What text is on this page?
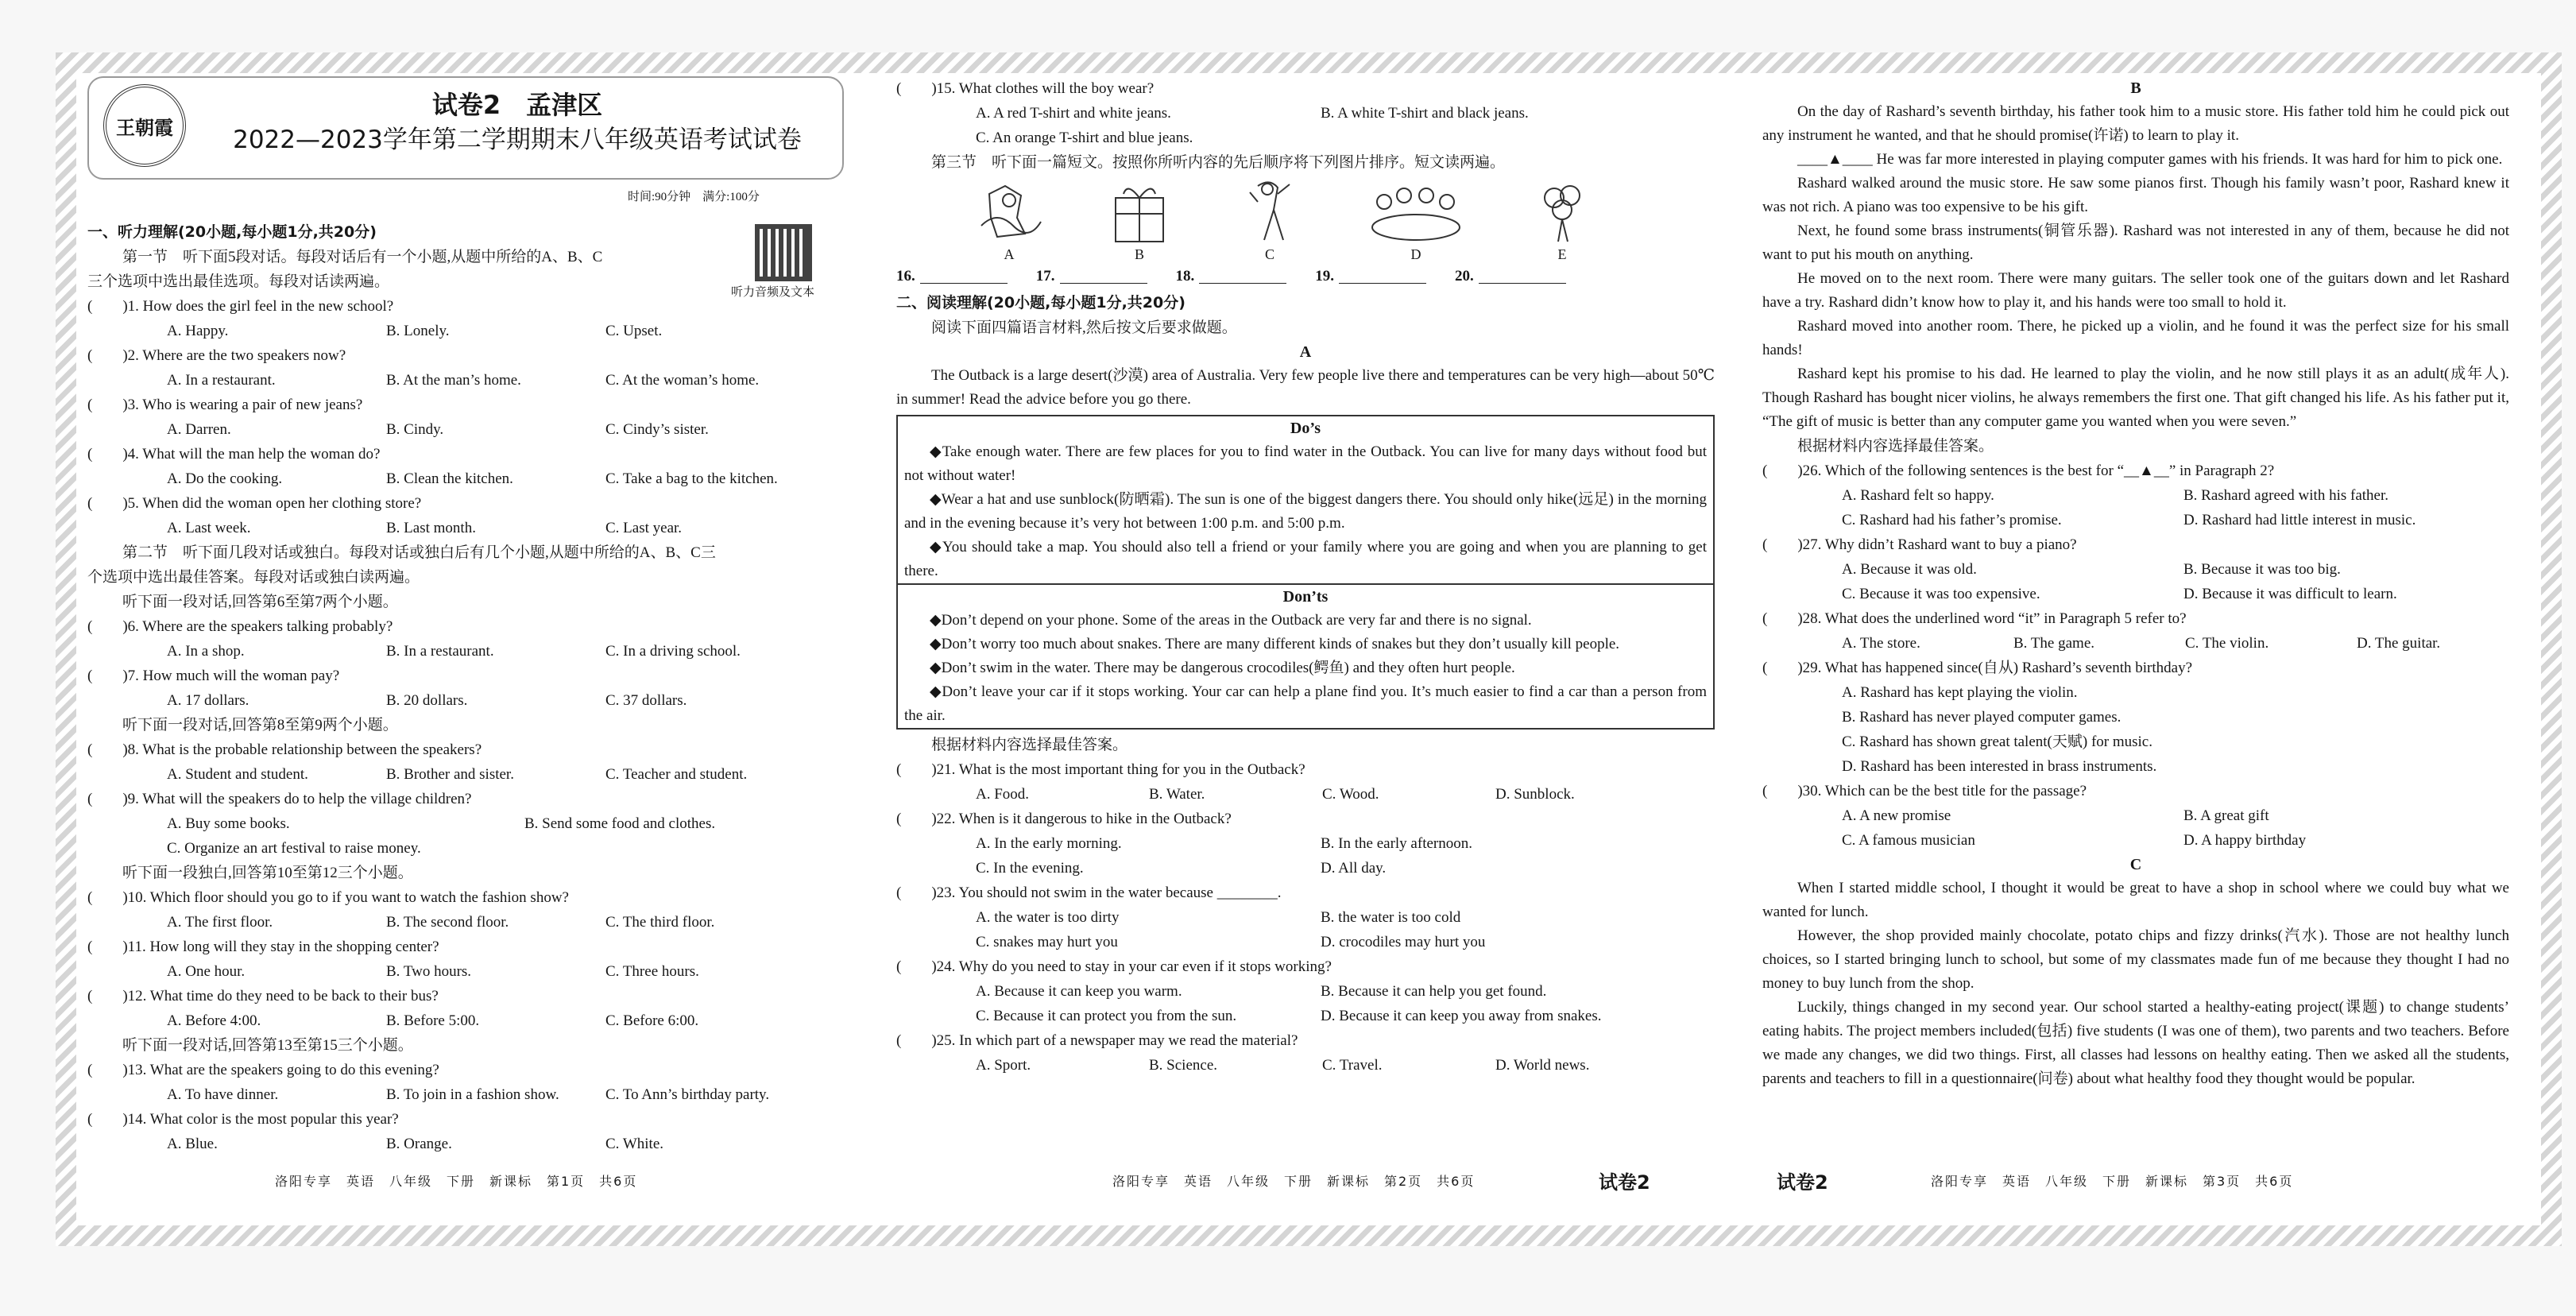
王朝霞
试卷2　孟津区
2022—2023学年第二学期期末八年级英语考试试卷
时间:90分钟　满分:100分
听力音频及文本
一、听力理解(20小题,每小题1分,共20分)
第一节　听下面5段对话。每段对话后有一个小题,从题中所给的A、B、C
三个选项中选出最佳选项。每段对话读两遍。
(　　)1. How does the girl feel in the new school?
A. Happy.	B. Lonely.	C. Upset.
(　　)2. Where are the two speakers now?
A. In a restaurant.	B. At the man’s home.	C. At the woman’s home.
(　　)3. Who is wearing a pair of new jeans?
A. Darren.	B. Cindy.	C. Cindy’s sister.
(　　)4. What will the man help the woman do?
A. Do the cooking.	B. Clean the kitchen.	C. Take a bag to the kitchen.
(　　)5. When did the woman open her clothing store?
A. Last week.	B. Last month.	C. Last year.
第二节　听下面几段对话或独白。每段对话或独白后有几个小题,从题中所给的A、B、C三
个选项中选出最佳答案。每段对话或独白读两遍。
听下面一段对话,回答第6至第7两个小题。
(　　)6. Where are the speakers talking probably?
A. In a shop.	B. In a restaurant.	C. In a driving school.
(　　)7. How much will the woman pay?
A. 17 dollars.	B. 20 dollars.	C. 37 dollars.
听下面一段对话,回答第8至第9两个小题。
(　　)8. What is the probable relationship between the speakers?
A. Student and student.	B. Brother and sister.	C. Teacher and student.
(　　)9. What will the speakers do to help the village children?
A. Buy some books.	B. Send some food and clothes.
C. Organize an art festival to raise money.
听下面一段独白,回答第10至第12三个小题。
(　　)10. Which floor should you go to if you want to watch the fashion show?
A. The first floor.	B. The second floor.	C. The third floor.
(　　)11. How long will they stay in the shopping center?
A. One hour.	B. Two hours.	C. Three hours.
(　　)12. What time do they need to be back to their bus?
A. Before 4:00.	B. Before 5:00.	C. Before 6:00.
听下面一段对话,回答第13至第15三个小题。
(　　)13. What are the speakers going to do this evening?
A. To have dinner.	B. To join in a fashion show.	C. To Ann’s birthday party.
(　　)14. What color is the most popular this year?
A. Blue.	B. Orange.	C. White.
(　　)15. What clothes will the boy wear?
A. A red T-shirt and white jeans.	B. A white T-shirt and black jeans.
C. An orange T-shirt and blue jeans.
第三节　听下面一篇短文。按照你所听内容的先后顺序将下列图片排序。短文读两遍。
A	B	C	D	E
16.	17.	18.	19.	20.
二、阅读理解(20小题,每小题1分,共20分)
阅读下面四篇语言材料,然后按文后要求做题。
A
The Outback is a large desert(沙漠) area of Australia. Very few people live there and temperatures can be very high—about 50℃ in summer! Read the advice before you go there.
Do’s
◆Take enough water. There are few places for you to find water in the Outback. You can live for many days without food but not without water!
◆Wear a hat and use sunblock(防晒霜). The sun is one of the biggest dangers there. You should only hike(远足) in the morning and in the evening because it’s very hot between 1:00 p.m. and 5:00 p.m.
◆You should take a map. You should also tell a friend or your family where you are going and when you are planning to get there.
Don’ts
◆Don’t depend on your phone. Some of the areas in the Outback are very far and there is no signal.
◆Don’t worry too much about snakes. There are many different kinds of snakes but they don’t usually kill people.
◆Don’t swim in the water. There may be dangerous crocodiles(鳄鱼) and they often hurt people.
◆Don’t leave your car if it stops working. Your car can help a plane find you. It’s much easier to find a car than a person from the air.
根据材料内容选择最佳答案。
(　　)21. What is the most important thing for you in the Outback?
A. Food.	B. Water.	C. Wood.	D. Sunblock.
(　　)22. When is it dangerous to hike in the Outback?
A. In the early morning.	B. In the early afternoon.
C. In the evening.	D. All day.
(　　)23. You should not swim in the water because ________.
A. the water is too dirty	B. the water is too cold
C. snakes may hurt you	D. crocodiles may hurt you
(　　)24. Why do you need to stay in your car even if it stops working?
A. Because it can keep you warm.	B. Because it can help you get found.
C. Because it can protect you from the sun.	D. Because it can keep you away from snakes.
(　　)25. In which part of a newspaper may we read the material?
A. Sport.	B. Science.	C. Travel.	D. World news.
B
On the day of Rashard’s seventh birthday, his father took him to a music store. His father told him he could pick out any instrument he wanted, and that he should promise(许诺) to learn to play it.
____▲____ He was far more interested in playing computer games with his friends. It was hard for him to pick one.
Rashard walked around the music store. He saw some pianos first. Though his family wasn’t poor, Rashard knew it was not rich. A piano was too expensive to be his gift.
Next, he found some brass instruments(铜管乐器). Rashard was not interested in any of them, because he did not want to put his mouth on anything.
He moved on to the next room. There were many guitars. The seller took one of the guitars down and let Rashard have a try. Rashard didn’t know how to play it, and his hands were too small to hold it.
Rashard moved into another room. There, he picked up a violin, and he found it was the perfect size for his small hands!
Rashard kept his promise to his dad. He learned to play the violin, and he now still plays it as an adult(成年人). Though Rashard has bought nicer violins, he always remembers the first one. That gift changed his life. As his father put it, “The gift of music is better than any computer game you wanted when you were seven.”
根据材料内容选择最佳答案。
(　　)26. Which of the following sentences is the best for “__▲__” in Paragraph 2?
A. Rashard felt so happy.	B. Rashard agreed with his father.
C. Rashard had his father’s promise.	D. Rashard had little interest in music.
(　　)27. Why didn’t Rashard want to buy a piano?
A. Because it was old.	B. Because it was too big.
C. Because it was too expensive.	D. Because it was difficult to learn.
(　　)28. What does the underlined word “it” in Paragraph 5 refer to?
A. The store.	B. The game.	C. The violin.	D. The guitar.
(　　)29. What has happened since(自从) Rashard’s seventh birthday?
A. Rashard has kept playing the violin.
B. Rashard has never played computer games.
C. Rashard has shown great talent(天赋) for music.
D. Rashard has been interested in brass instruments.
(　　)30. Which can be the best title for the passage?
A. A new promise	B. A great gift
C. A famous musician	D. A happy birthday
C
When I started middle school, I thought it would be great to have a shop in school where we could buy what we wanted for lunch.
However, the shop provided mainly chocolate, potato chips and fizzy drinks(汽水). Those are not healthy lunch choices, so I started bringing lunch to school, but some of my classmates made fun of me because they thought I had no money to buy lunch from the shop.
Luckily, things changed in my second year. Our school started a healthy-eating project(课题) to change students’ eating habits. The project members included(包括) five students (I was one of them), two parents and two teachers. Before we made any changes, we did two things. First, all classes had lessons on healthy eating. Then we asked all the students, parents and teachers to fill in a questionnaire(问卷) about what healthy food they thought would be popular.
洛阳专享　英语　八年级　下册　新课标　第1页　共6页	洛阳专享　英语　八年级　下册　新课标　第2页　共6页	试卷2	试卷2	洛阳专享　英语　八年级　下册　新课标　第3页　共6页
